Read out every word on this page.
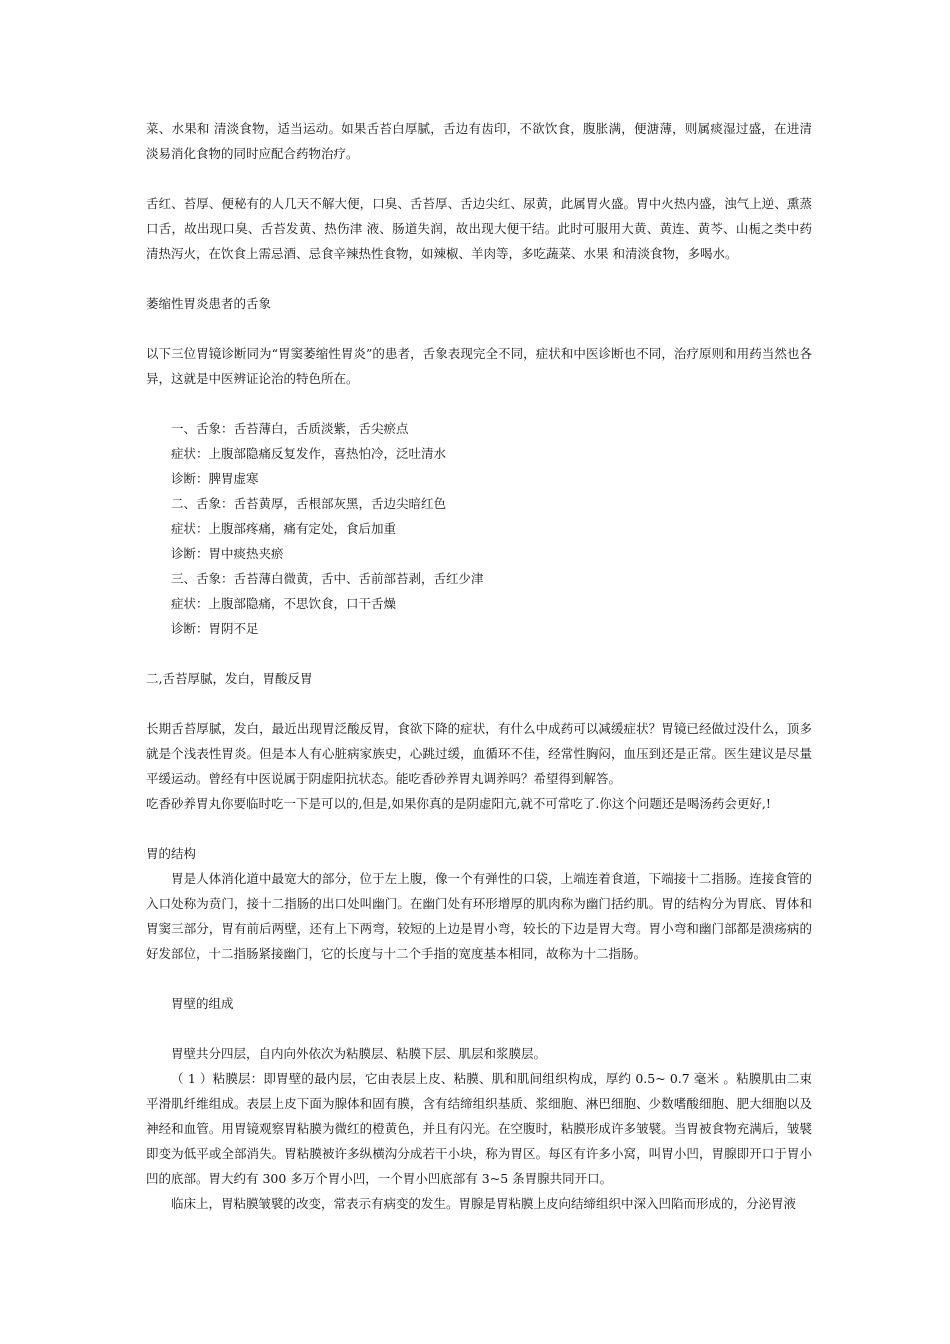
菜、水果和 清淡食物，适当运动。如果舌苔白厚腻，舌边有齿印，不欲饮食，腹胀满，便溏薄，则属痰湿过盛，在进清淡易消化食物的同时应配合药物治疗。

舌红、苔厚、便秘有的人几天不解大便，口臭、舌苔厚、舌边尖红、尿黄，此属胃火盛。胃中火热内盛，浊气上逆、熏蒸口舌，故出现口臭、舌苔发黄、热伤津 液、肠道失润，故出现大便干结。此时可服用大黄、黄连、黄芩、山栀之类中药清热泻火，在饮食上需忌酒、忌食辛辣热性食物，如辣椒、羊肉等，多吃蔬菜、水果 和清淡食物，多喝水。

萎缩性胃炎患者的舌象

以下三位胃镜诊断同为“胃窦萎缩性胃炎”的患者，舌象表现完全不同，症状和中医诊断也不同，治疗原则和用药当然也各异，这就是中医辨证论治的特色所在。

一、舌象：舌苔薄白，舌质淡紫，舌尖瘀点

症状：上腹部隐痛反复发作，喜热怕冷，泛吐清水

诊断：脾胃虚寒

二、舌象：舌苔黄厚，舌根部灰黑，舌边尖暗红色

症状：上腹部疼痛，痛有定处，食后加重

诊断：胃中痰热夹瘀

三、舌象：舌苔薄白微黄，舌中、舌前部苔剥，舌红少津

症状：上腹部隐痛，不思饮食，口干舌燥

诊断：胃阴不足

二,舌苔厚腻，发白，胃酸反胃

长期舌苔厚腻，发白，最近出现胃泛酸反胃，食欲下降的症状，有什么中成药可以减缓症状？胃镜已经做过没什么，顶多就是个浅表性胃炎。但是本人有心脏病家族史，心跳过缓，血循环不佳，经常性胸闷，血压到还是正常。医生建议是尽量平缓运动。曾经有中医说属于阴虚阳抗状态。能吃香砂养胃丸调养吗？希望得到解答。

吃香砂养胃丸你要临时吃一下是可以的,但是,如果你真的是阴虚阳亢,就不可常吃了.你这个问题还是喝汤药会更好,!

胃的结构

胃是人体消化道中最宽大的部分，位于左上腹，像一个有弹性的口袋，上端连着食道，下端接十二指肠。连接食管的入口处称为贲门，接十二指肠的出口处叫幽门。在幽门处有环形增厚的肌肉称为幽门括约肌。胃的结构分为胃底、胃体和胃窦三部分，胃有前后两壁，还有上下两弯，较短的上边是胃小弯，较长的下边是胃大弯。胃小弯和幽门部都是溃疡病的好发部位，十二指肠紧接幽门，它的长度与十二个手指的宽度基本相同，故称为十二指肠。

胃壁的组成

胃壁共分四层，自内向外依次为粘膜层、粘膜下层、肌层和浆膜层。

（ 1 ）粘膜层：即胃壁的最内层，它由表层上皮、粘膜、肌和肌间组织构成，厚约 0.5~ 0.7 毫米 。粘膜肌由二束平滑肌纤维组成。表层上皮下面为腺体和固有膜，含有结缔组织基质、浆细胞、淋巴细胞、少数嗜酸细胞、肥大细胞以及神经和血管。用胃镜观察胃粘膜为微红的橙黄色，并且有闪光。在空腹时，粘膜形成许多皱襞。当胃被食物充满后，皱襞即变为低平或全部消失。胃粘膜被许多纵横沟分成若干小块，称为胃区。每区有许多小窝，叫胃小凹，胃腺即开口于胃小凹的底部。胃大约有 300 多万个胃小凹，一个胃小凹底部有 3~5 条胃腺共同开口。

临床上，胃粘膜皱襞的改变，常表示有病变的发生。胃腺是胃粘膜上皮向结缔组织中深入凹陷而形成的，分泌胃液
